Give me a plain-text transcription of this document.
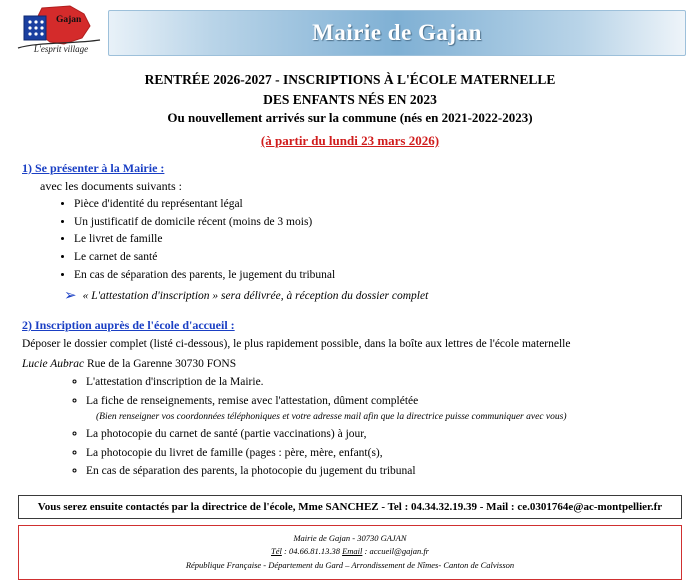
Gajan
L'esprit village
Mairie de Gajan
RENTRÉE 2026-2027 - INSCRIPTIONS À L'ÉCOLE MATERNELLE
DES ENFANTS NÉS EN 2023
Ou nouvellement arrivés sur la commune (nés en 2021-2022-2023)
(à partir du lundi 23 mars 2026)
1) Se présenter à la Mairie :
avec les documents suivants :
• Pièce d'identité du représentant légal
• Un justificatif de domicile récent (moins de 3 mois)
• Le livret de famille
• Le carnet de santé
• En cas de séparation des parents, le jugement du tribunal
➢ « L'attestation d'inscription » sera délivrée, à réception du dossier complet
2) Inscription auprès de l'école d'accueil :
Déposer le dossier complet (listé ci-dessous), le plus rapidement possible, dans la boîte aux lettres de l'école maternelle
Lucie Aubrac Rue de la Garenne 30730 FONS
◦ L'attestation d'inscription de la Mairie.
◦ La fiche de renseignements, remise avec l'attestation, dûment complétée
(Bien renseigner vos coordonnées téléphoniques et votre adresse mail afin que la directrice puisse communiquer avec vous)
◦ La photocopie du carnet de santé (partie vaccinations) à jour,
◦ La photocopie du livret de famille (pages : père, mère, enfant(s),
◦ En cas de séparation des parents, la photocopie du jugement du tribunal
Vous serez ensuite contactés par la directrice de l'école, Mme SANCHEZ - Tel : 04.34.32.19.39 - Mail : ce.0301764e@ac-montpellier.fr
Mairie de Gajan - 30730 GAJAN
Tél : 04.66.81.13.38 Email : accueil@gajan.fr
République Française - Département du Gard – Arrondissement de Nîmes- Canton de Calvisson
